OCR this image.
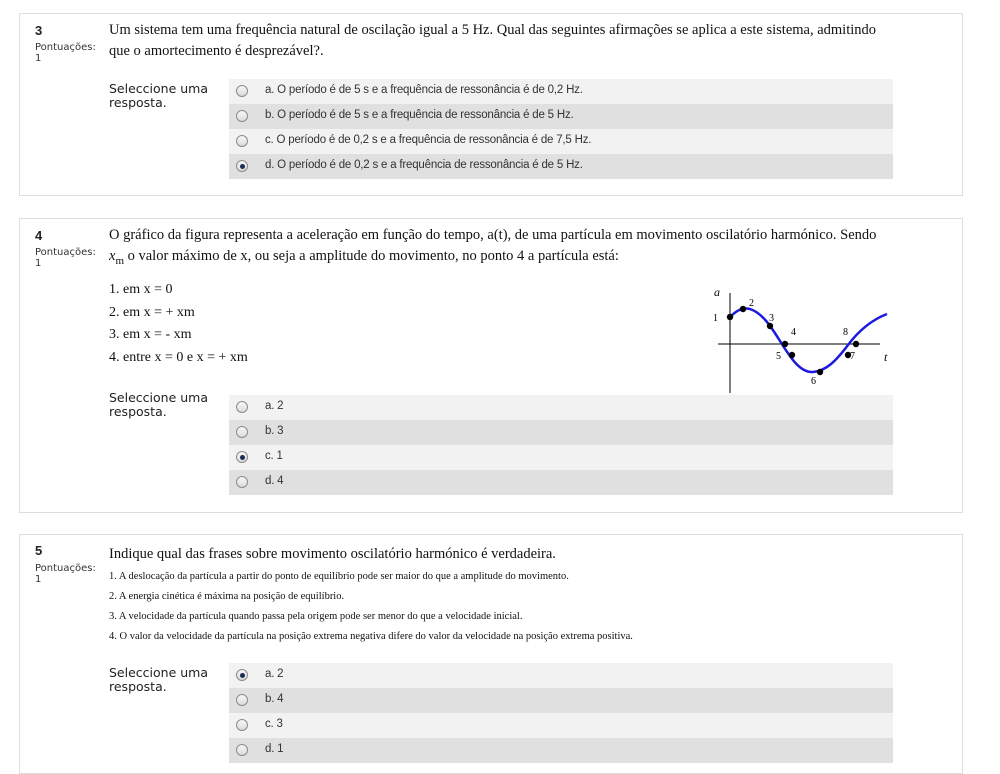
3
Pontuações:
1
Um sistema tem uma frequência natural de oscilação igual a 5 Hz. Qual das seguintes afirmações se aplica a este sistema, admitindo
que o amortecimento é desprezável?.
Seleccione uma resposta.
a. O período é de 5 s e a frequência de ressonância é de 0,2 Hz.
b. O período é de 5 s e a frequência de ressonância é de 5 Hz.
c. O período é de 0,2 s e a frequência de ressonância é de 7,5 Hz.
d. O período é de 0,2 s e a frequência de ressonância é de 5 Hz.
4
Pontuações:
1
O gráfico da figura representa a aceleração em função do tempo, a(t), de uma partícula em movimento oscilatório harmónico. Sendo
$x_m$ o valor máximo de x, ou seja a amplitude do movimento, no ponto 4 a partícula está:
1. em x = 0
2. em x = + xm
3. em x = - xm
4. entre x = 0 e x = + xm
a
t
1
2
3
4
5
6
7
8
Seleccione uma resposta.	a. 2
b. 3
c. 1
d. 4
5
Pontuações:
1
Indique qual das frases sobre movimento oscilatório harmónico é verdadeira.
1. A deslocação da partícula a partir do ponto de equilíbrio pode ser maior do que a amplitude do movimento.
2. A energia cinética é máxima na posição de equilíbrio.
3. A velocidade da partícula quando passa pela origem pode ser menor do que a velocidade inicial.
4. O valor da velocidade da partícula na posição extrema negativa difere do valor da velocidade na posição extrema positiva.
Seleccione uma resposta.
a. 2
b. 4
c. 3
d. 1
